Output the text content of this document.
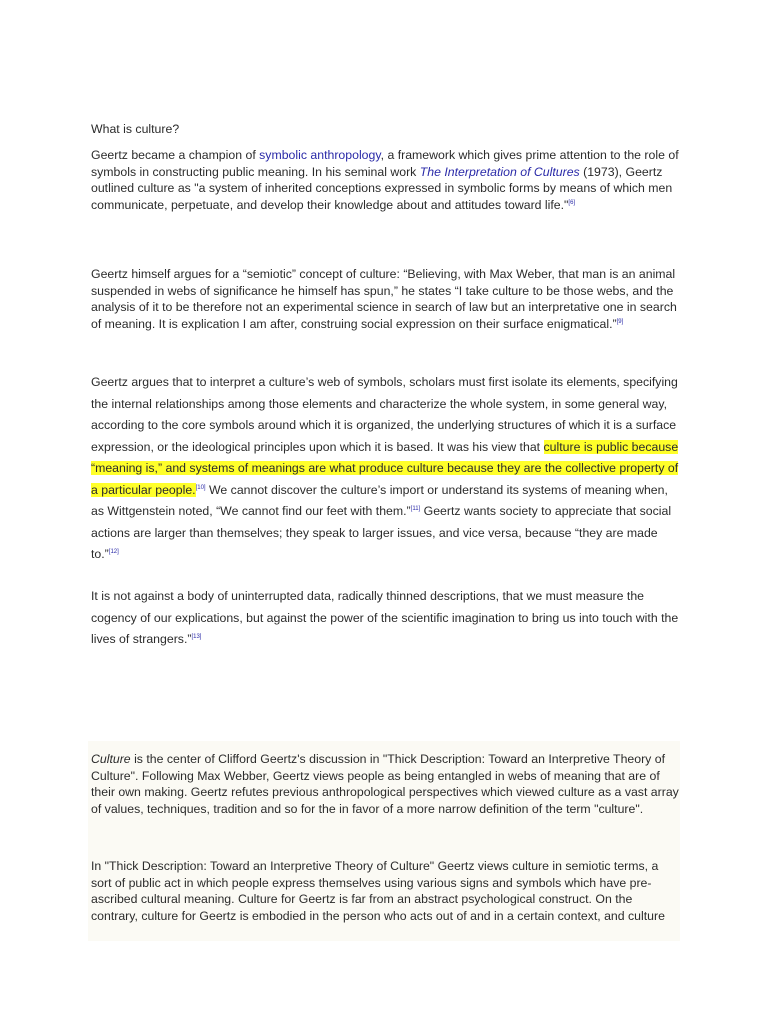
What is culture?
Geertz became a champion of symbolic anthropology, a framework which gives prime attention to the role of symbols in constructing public meaning. In his seminal work The Interpretation of Cultures (1973), Geertz outlined culture as "a system of inherited conceptions expressed in symbolic forms by means of which men communicate, perpetuate, and develop their knowledge about and attitudes toward life."[6]
Geertz himself argues for a “semiotic” concept of culture: “Believing, with Max Weber, that man is an animal suspended in webs of significance he himself has spun,” he states “I take culture to be those webs, and the analysis of it to be therefore not an experimental science in search of law but an interpretative one in search of meaning. It is explication I am after, construing social expression on their surface enigmatical.”[9]
Geertz argues that to interpret a culture’s web of symbols, scholars must first isolate its elements, specifying the internal relationships among those elements and characterize the whole system, in some general way, according to the core symbols around which it is organized, the underlying structures of which it is a surface expression, or the ideological principles upon which it is based. It was his view that culture is public because “meaning is,” and systems of meanings are what produce culture because they are the collective property of a particular people.[10] We cannot discover the culture’s import or understand its systems of meaning when, as Wittgenstein noted, “We cannot find our feet with them.”[11] Geertz wants society to appreciate that social actions are larger than themselves; they speak to larger issues, and vice versa, because “they are made to.”[12]
It is not against a body of uninterrupted data, radically thinned descriptions, that we must measure the cogency of our explications, but against the power of the scientific imagination to bring us into touch with the lives of strangers.”[13]
Culture is the center of Clifford Geertz's discussion in "Thick Description: Toward an Interpretive Theory of Culture". Following Max Webber, Geertz views people as being entangled in webs of meaning that are of their own making. Geertz refutes previous anthropological perspectives which viewed culture as a vast array of values, techniques, tradition and so for the in favor of a more narrow definition of the term "culture".
In "Thick Description: Toward an Interpretive Theory of Culture" Geertz views culture in semiotic terms, a sort of public act in which people express themselves using various signs and symbols which have pre-ascribed cultural meaning. Culture for Geertz is far from an abstract psychological construct. On the contrary, culture for Geertz is embodied in the person who acts out of and in a certain context, and culture
